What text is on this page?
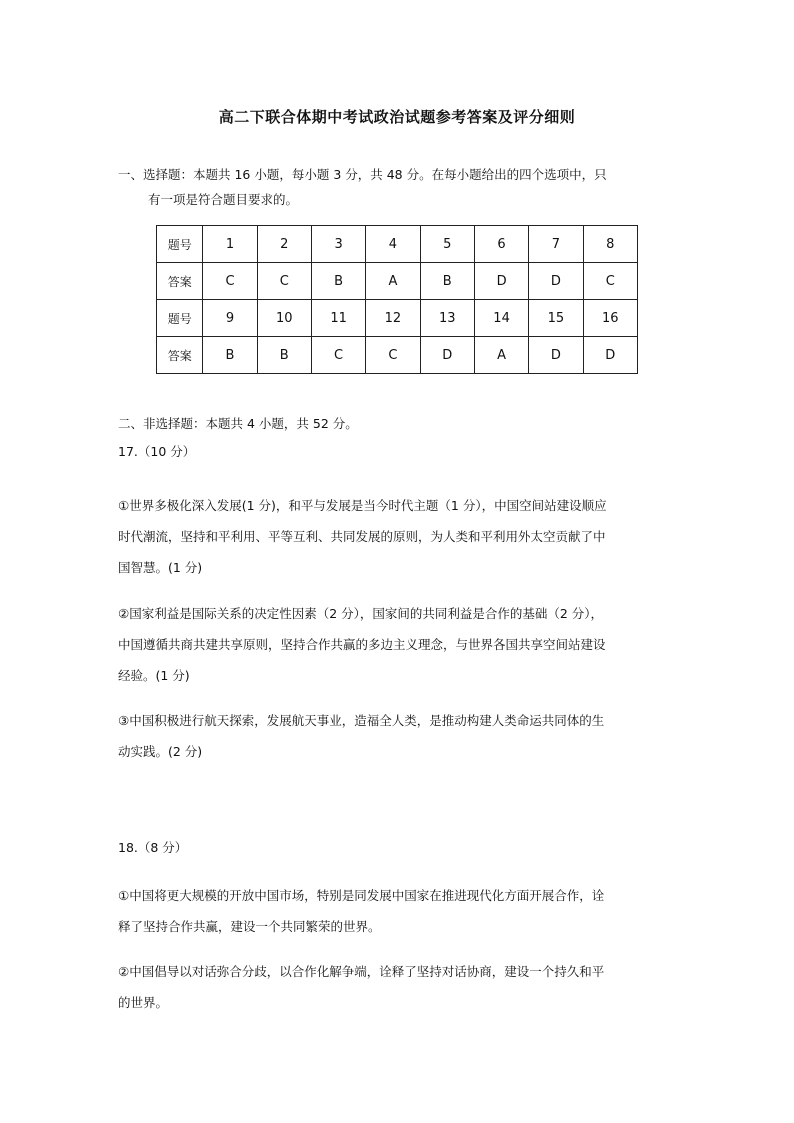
高二下联合体期中考试政治试题参考答案及评分细则
一、选择题：本题共 16 小题，每小题 3 分，共 48 分。在每小题给出的四个选项中，只
有一项是符合题目要求的。
题号	1	2	3	4	5	6	7	8
答案	C	C	B	A	B	D	D	C
题号	9	10	11	12	13	14	15	16
答案	B	B	C	C	D	A	D	D
二、非选择题：本题共 4 小题，共 52 分。
17.（10 分）
①世界多极化深入发展(1 分)，和平与发展是当今时代主题（1 分），中国空间站建设顺应
时代潮流，坚持和平利用、平等互利、共同发展的原则，为人类和平利用外太空贡献了中
国智慧。(1 分)
②国家利益是国际关系的决定性因素（2 分），国家间的共同利益是合作的基础（2 分），
中国遵循共商共建共享原则，坚持合作共赢的多边主义理念，与世界各国共享空间站建设
经验。(1 分)
③中国积极进行航天探索，发展航天事业，造福全人类，是推动构建人类命运共同体的生
动实践。(2 分)
18.（8 分）
①中国将更大规模的开放中国市场，特别是同发展中国家在推进现代化方面开展合作，诠
释了坚持合作共赢，建设一个共同繁荣的世界。
②中国倡导以对话弥合分歧，以合作化解争端，诠释了坚持对话协商，建设一个持久和平
的世界。
